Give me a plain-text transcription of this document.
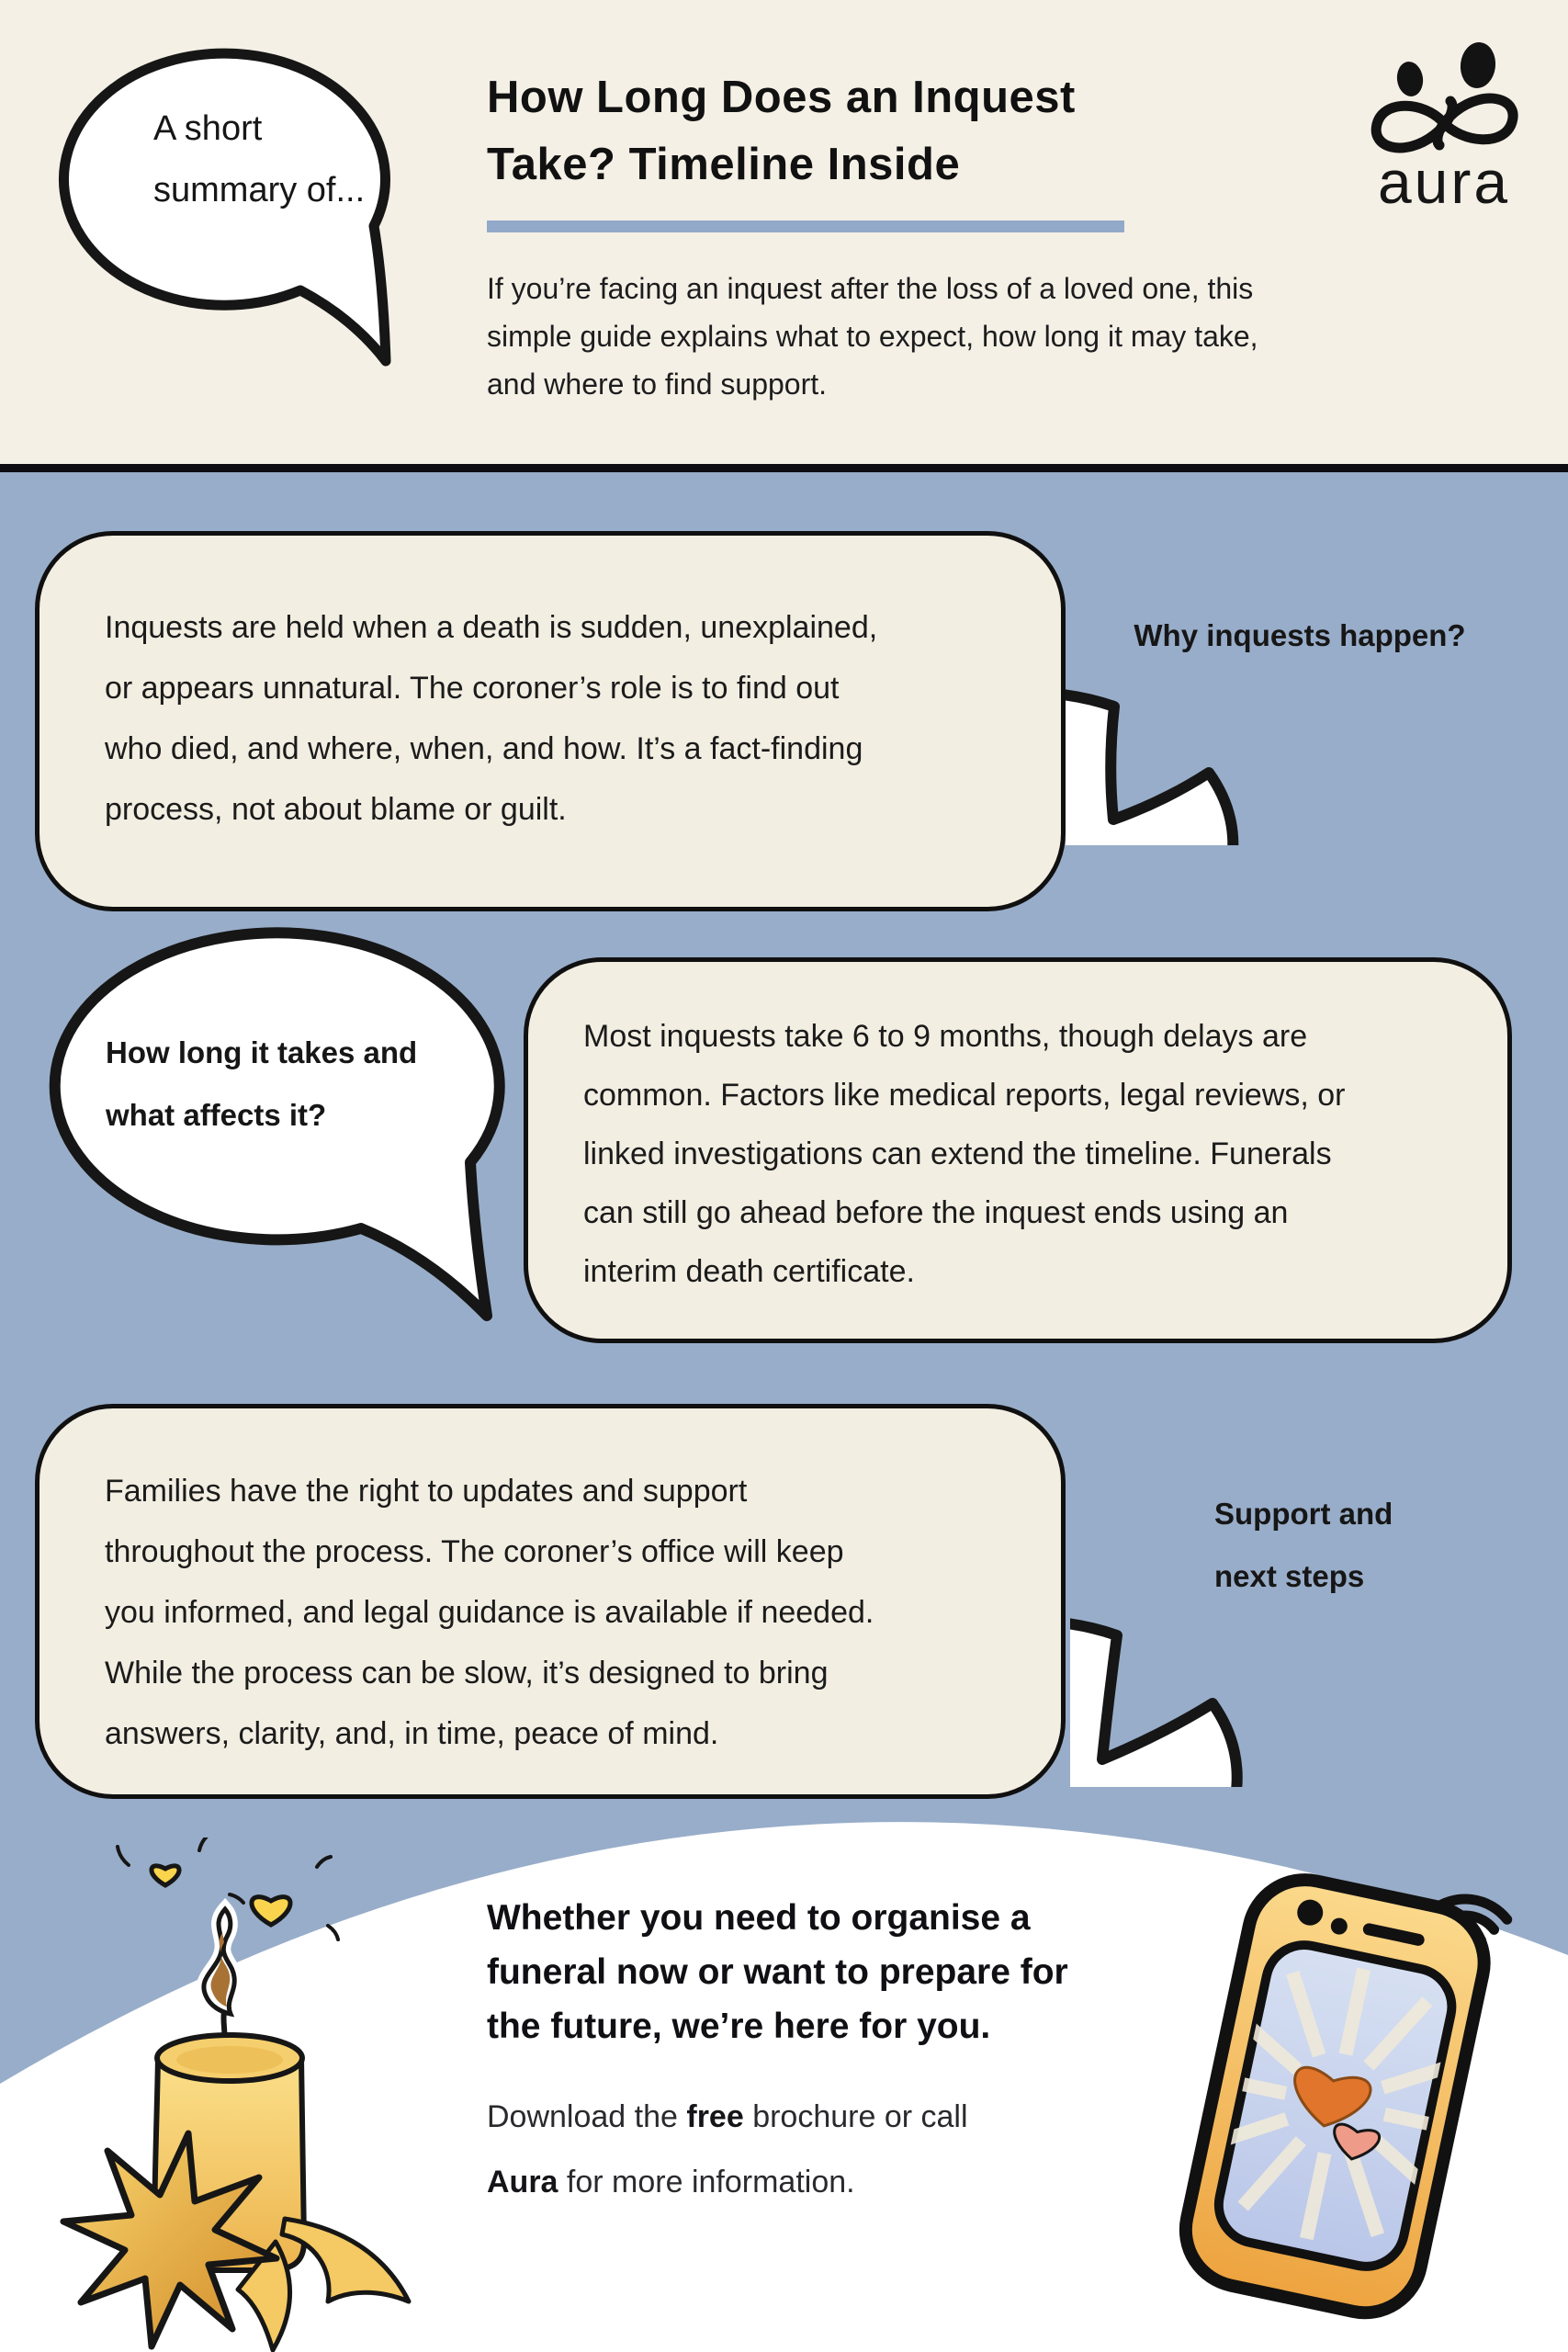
A short
summary of...
How Long Does an Inquest
Take? Timeline Inside
If you’re facing an inquest after the loss of a loved one, this
simple guide explains what to expect, how long it may take,
and where to find support.
aura
Inquests are held when a death is sudden, unexplained,
or appears unnatural. The coroner’s role is to find out
who died, and where, when, and how. It’s a fact-finding
process, not about blame or guilt.
Why inquests happen?
How long it takes and
what affects it?
Most inquests take 6 to 9 months, though delays are
common. Factors like medical reports, legal reviews, or
linked investigations can extend the timeline. Funerals
can still go ahead before the inquest ends using an
interim death certificate.
Families have the right to updates and support
throughout the process. The coroner’s office will keep
you informed, and legal guidance is available if needed.
While the process can be slow, it’s designed to bring
answers, clarity, and, in time, peace of mind.
Support and
next steps
Whether you need to organise a
funeral now or want to prepare for
the future, we’re here for you.
Download the free brochure or call
Aura for more information.
